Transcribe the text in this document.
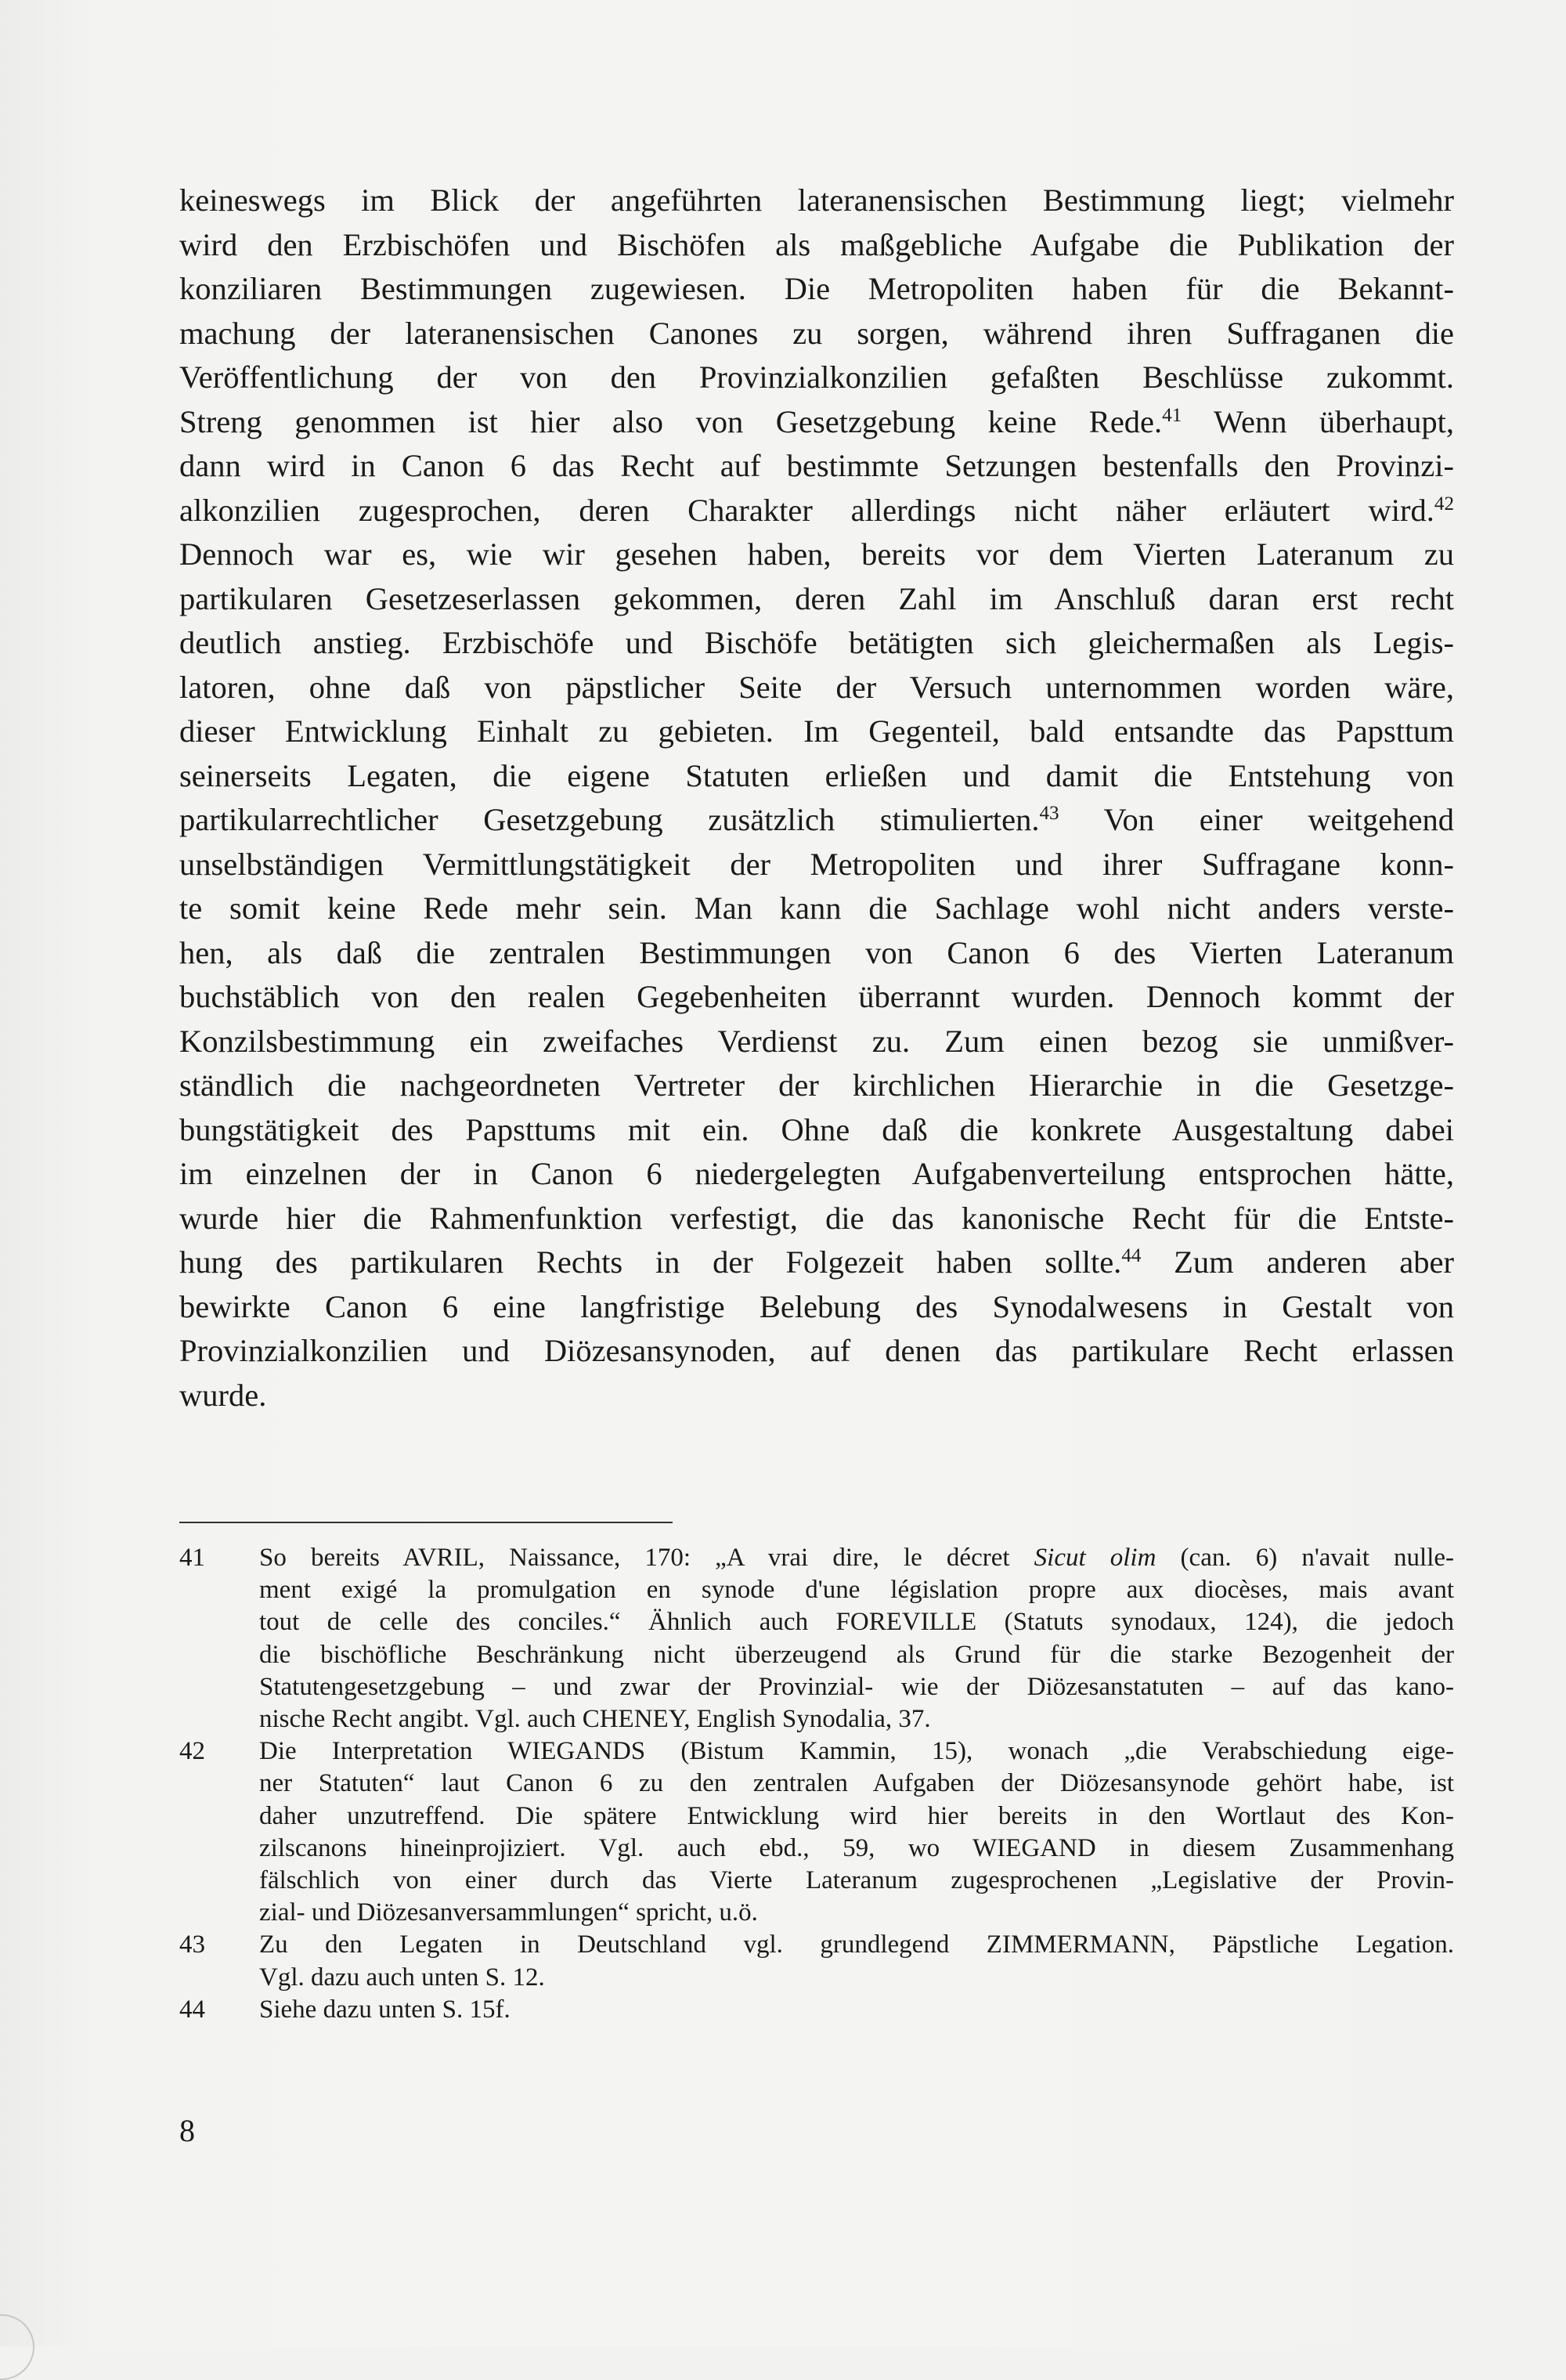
keineswegs im Blick der angeführten lateranensischen Bestimmung liegt; vielmehr
wird den Erzbischöfen und Bischöfen als maßgebliche Aufgabe die Publikation der
konziliaren Bestimmungen zugewiesen. Die Metropoliten haben für die Bekannt-
machung der lateranensischen Canones zu sorgen, während ihren Suffraganen die
Veröffentlichung der von den Provinzialkonzilien gefaßten Beschlüsse zukommt.
Streng genommen ist hier also von Gesetzgebung keine Rede.$^{41}$ Wenn überhaupt,
dann wird in Canon 6 das Recht auf bestimmte Setzungen bestenfalls den Provinzi-
alkonzilien zugesprochen, deren Charakter allerdings nicht näher erläutert wird.$^{42}$
Dennoch war es, wie wir gesehen haben, bereits vor dem Vierten Lateranum zu
partikularen Gesetzeserlassen gekommen, deren Zahl im Anschluß daran erst recht
deutlich anstieg. Erzbischöfe und Bischöfe betätigten sich gleichermaßen als Legis-
latoren, ohne daß von päpstlicher Seite der Versuch unternommen worden wäre,
dieser Entwicklung Einhalt zu gebieten. Im Gegenteil, bald entsandte das Papsttum
seinerseits Legaten, die eigene Statuten erließen und damit die Entstehung von
partikularrechtlicher Gesetzgebung zusätzlich stimulierten.$^{43}$ Von einer weitgehend
unselbständigen Vermittlungstätigkeit der Metropoliten und ihrer Suffragane konn-
te somit keine Rede mehr sein. Man kann die Sachlage wohl nicht anders verste-
hen, als daß die zentralen Bestimmungen von Canon 6 des Vierten Lateranum
buchstäblich von den realen Gegebenheiten überrannt wurden. Dennoch kommt der
Konzilsbestimmung ein zweifaches Verdienst zu. Zum einen bezog sie unmißver-
ständlich die nachgeordneten Vertreter der kirchlichen Hierarchie in die Gesetzge-
bungstätigkeit des Papsttums mit ein. Ohne daß die konkrete Ausgestaltung dabei
im einzelnen der in Canon 6 niedergelegten Aufgabenverteilung entsprochen hätte,
wurde hier die Rahmenfunktion verfestigt, die das kanonische Recht für die Entste-
hung des partikularen Rechts in der Folgezeit haben sollte.$^{44}$ Zum anderen aber
bewirkte Canon 6 eine langfristige Belebung des Synodalwesens in Gestalt von
Provinzialkonzilien und Diözesansynoden, auf denen das partikulare Recht erlassen
wurde.
41 So bereits AVRIL, Naissance, 170: „A vrai dire, le décret Sicut olim (can. 6) n'avait nulle-
ment exigé la promulgation en synode d'une législation propre aux diocèses, mais avant
tout de celle des conciles.“ Ähnlich auch FOREVILLE (Statuts synodaux, 124), die jedoch
die bischöfliche Beschränkung nicht überzeugend als Grund für die starke Bezogenheit der
Statutengesetzgebung – und zwar der Provinzial- wie der Diözesanstatuten – auf das kano-
nische Recht angibt. Vgl. auch CHENEY, English Synodalia, 37.
42 Die Interpretation WIEGANDS (Bistum Kammin, 15), wonach „die Verabschiedung eige-
ner Statuten“ laut Canon 6 zu den zentralen Aufgaben der Diözesansynode gehört habe, ist
daher unzutreffend. Die spätere Entwicklung wird hier bereits in den Wortlaut des Kon-
zilscanons hineinprojiziert. Vgl. auch ebd., 59, wo WIEGAND in diesem Zusammenhang
fälschlich von einer durch das Vierte Lateranum zugesprochenen „Legislative der Provin-
zial- und Diözesanversammlungen“ spricht, u.ö.
43 Zu den Legaten in Deutschland vgl. grundlegend ZIMMERMANN, Päpstliche Legation.
Vgl. dazu auch unten S. 12.
44 Siehe dazu unten S. 15f.
8
